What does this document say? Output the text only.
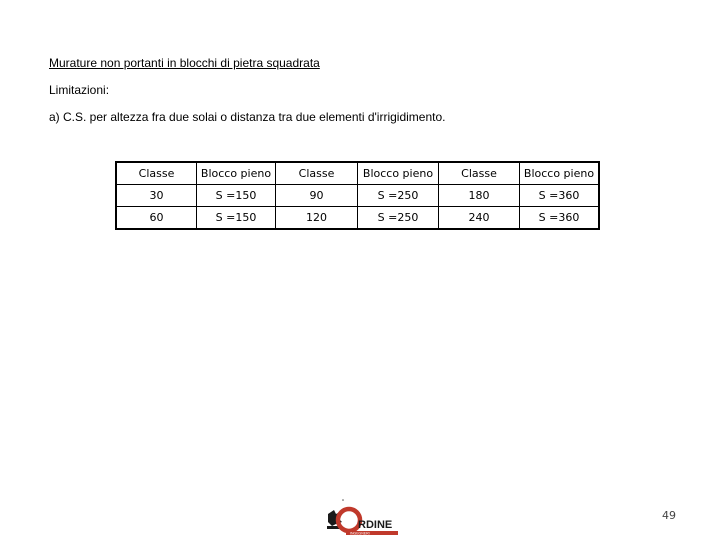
Murature non portanti in blocchi di pietra squadrata

Limitazioni:

a) C.S. per altezza fra due solai o distanza tra due elementi d'irrigidimento.

Classe	Blocco pieno	Classe	Blocco pieno	Classe	Blocco pieno
30	S =150	90	S =250	180	S =360
60	S =150	120	S =250	240	S =360
RDINE
INGEGNERI
49
